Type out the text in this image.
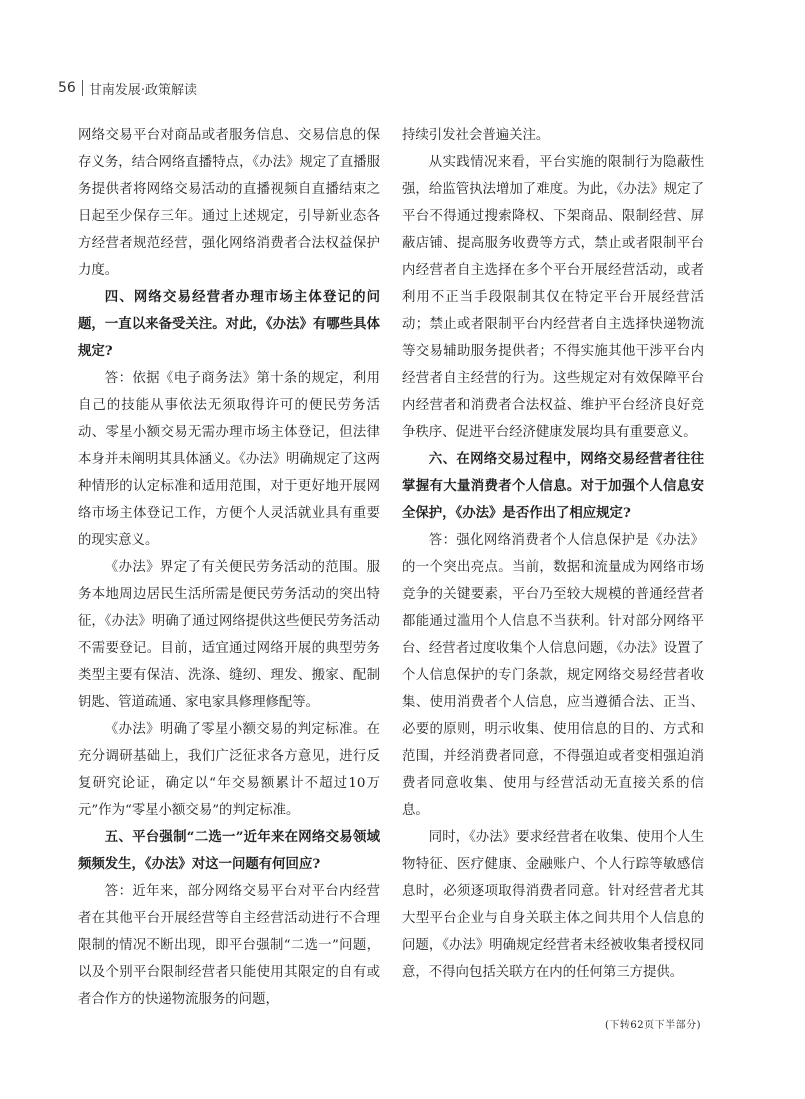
56 甘南发展·政策解读

网络交易平台对商品或者服务信息、交易信息的保存义务，结合网络直播特点，《办法》规定了直播服务提供者将网络交易活动的直播视频自直播结束之日起至少保存三年。通过上述规定，引导新业态各方经营者规范经营，强化网络消费者合法权益保护力度。

四、网络交易经营者办理市场主体登记的问题，一直以来备受关注。对此，《办法》有哪些具体规定?

答：依据《电子商务法》第十条的规定，利用自己的技能从事依法无须取得许可的便民劳务活动、零星小额交易无需办理市场主体登记，但法律本身并未阐明其具体涵义。《办法》明确规定了这两种情形的认定标准和适用范围，对于更好地开展网络市场主体登记工作，方便个人灵活就业具有重要的现实意义。

《办法》界定了有关便民劳务活动的范围。服务本地周边居民生活所需是便民劳务活动的突出特征，《办法》明确了通过网络提供这些便民劳务活动不需要登记。目前，适宜通过网络开展的典型劳务类型主要有保洁、洗涤、缝纫、理发、搬家、配制钥匙、管道疏通、家电家具修理修配等。

《办法》明确了零星小额交易的判定标准。在充分调研基础上，我们广泛征求各方意见，进行反复研究论证，确定以“年交易额累计不超过10万元”作为“零星小额交易”的判定标准。

五、平台强制“二选一”近年来在网络交易领域频频发生，《办法》对这一问题有何回应?

答：近年来，部分网络交易平台对平台内经营者在其他平台开展经营等自主经营活动进行不合理限制的情况不断出现，即平台强制“二选一”问题，以及个别平台限制经营者只能使用其限定的自有或者合作方的快递物流服务的问题，

持续引发社会普遍关注。

从实践情况来看，平台实施的限制行为隐蔽性强，给监管执法增加了难度。为此，《办法》规定了平台不得通过搜索降权、下架商品、限制经营、屏蔽店铺、提高服务收费等方式，禁止或者限制平台内经营者自主选择在多个平台开展经营活动，或者利用不正当手段限制其仅在特定平台开展经营活动；禁止或者限制平台内经营者自主选择快递物流等交易辅助服务提供者；不得实施其他干涉平台内经营者自主经营的行为。这些规定对有效保障平台内经营者和消费者合法权益、维护平台经济良好竞争秩序、促进平台经济健康发展均具有重要意义。

六、在网络交易过程中，网络交易经营者往往掌握有大量消费者个人信息。对于加强个人信息安全保护，《办法》是否作出了相应规定?

答：强化网络消费者个人信息保护是《办法》的一个突出亮点。当前，数据和流量成为网络市场竞争的关键要素，平台乃至较大规模的普通经营者都能通过滥用个人信息不当获利。针对部分网络平台、经营者过度收集个人信息问题，《办法》设置了个人信息保护的专门条款，规定网络交易经营者收集、使用消费者个人信息，应当遵循合法、正当、必要的原则，明示收集、使用信息的目的、方式和范围，并经消费者同意，不得强迫或者变相强迫消费者同意收集、使用与经营活动无直接关系的信息。

同时，《办法》要求经营者在收集、使用个人生物特征、医疗健康、金融账户、个人行踪等敏感信息时，必须逐项取得消费者同意。针对经营者尤其大型平台企业与自身关联主体之间共用个人信息的问题，《办法》明确规定经营者未经被收集者授权同意，不得向包括关联方在内的任何第三方提供。

(下转62页下半部分)
